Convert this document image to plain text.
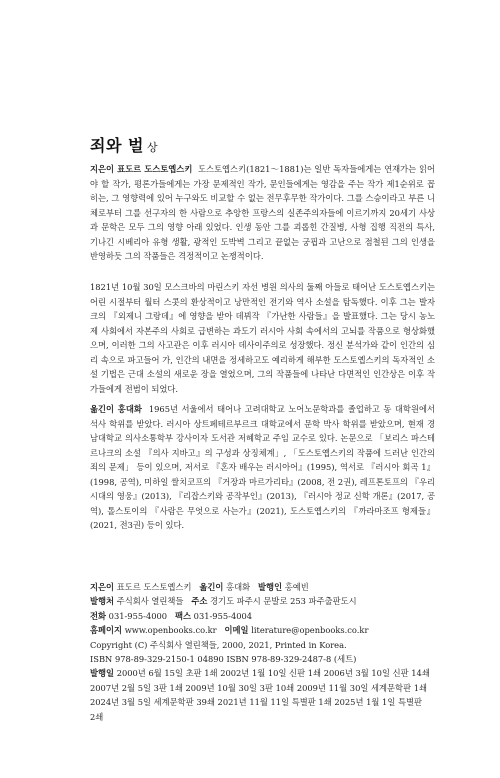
죄와 벌 상

지은이 표도르 도스토옙스키 도스토옙스키(1821～1881)는 일반 독자들에게는 연재가는 읽어야 할 작가, 평론가들에게는 가장 문제적인 작가, 문인들에게는 영감을 주는 작가 제1순위로 꼽히는, 그 영향력에 있어 누구와도 비교할 수 없는 전무후무한 작가이다. 그를 스승이라고 부른 니체로부터 그를 선구자의 한 사람으로 추앙한 프랑스의 실존주의자들에 이르기까지 20세기 사상과 문학은 모두 그의 영향 아래 있었다. 인생 동안 그를 괴롭힌 간질병, 사형 집행 직전의 특사, 기나긴 시베리아 유형 생활, 광적인 도박벽 그리고 끝없는 궁핍과 고난으로 점철된 그의 인생을 반영하듯 그의 작품들은 격정적이고 논쟁적이다.

1821년 10월 30일 모스크바의 마린스키 자선 병원 의사의 둘째 아들로 태어난 도스토옙스키는 어린 시절부터 월터 스콧의 환상적이고 낭만적인 전기와 역사 소설을 탐독했다. 이후 그는 발자크의 『외제니 그랑데』에 영향을 받아 데뷔작 『가난한 사람들』을 발표했다. 그는 당시 농노제 사회에서 자본주의 사회로 급변하는 과도기 러시아 사회 속에서의 고뇌를 작품으로 형상화했으며, 이러한 그의 사고관은 이후 러시아 데사이주의로 성장했다. 정신 분석가와 같이 인간의 심리 속으로 파고들어 가, 인간의 내면을 정세하고도 예리하게 해부한 도스토옙스키의 독자적인 소설 기법은 근대 소설의 새로운 장을 열었으며, 그의 작품들에 나타난 다면적인 인간상은 이후 작가들에게 전범이 되었다.

옮긴이 홍대화 1965년 서울에서 태어나 고려대학교 노어노문학과를 졸업하고 동 대학원에서 석사 학위를 받았다. 러시아 상트페테르부르크 대학교에서 문학 박사 학위를 받았으며, 현재 경남대학교 의사소통학부 강사이자 도서관 저혜학교 주임 교수로 있다. 논문으로 「보리스 파스테르나크의 소설 『의사 지바고』의 구성과 상징체계」, 「도스토옙스키의 작품에 드러난 인간의 죄의 문제」 등이 있으며, 저서로 『혼자 배우는 러시아어』(1995), 역서로 『러시아 회곡 1』(1998, 공역), 미하일 쌀치코프의 『거장과 마르가리타』(2008, 전 2권), 레프톤토프의 『우리 시대의 영웅』(2013), 『리잡스키와 공작부인』(2013), 『러시아 정교 신학 개론』(2017, 공역), 톨스토이의 『사람은 무엇으로 사는가』(2021), 도스토옙스키의 『까라마조프 형제들』(2021, 전3권) 등이 있다.

지은이 표도르 도스토옙스키 옮긴이 홍대화 발행인 홍예빈
발행처 주식회사 열린책들 주소 경기도 파주시 문발로 253 파주출판도시
전화 031-955-4000 팩스 031-955-4004
홈페이지 www.openbooks.co.kr 이메일 literature@openbooks.co.kr
Copyright (C) 주식회사 열린책들, 2000, 2021, Printed in Korea.
ISBN 978-89-329-2150-1 04890 ISBN 978-89-329-2487-8 (세트)
발행일 2000년 6월 15일 초판 1쇄 2002년 1월 10일 신판 1쇄 2006년 3월 10일 신판 14쇄
2007년 2월 5일 3판 1쇄 2009년 10월 30일 3판 10쇄 2009년 11월 30일 세계문학판 1쇄
2024년 3월 5일 세계문학판 39쇄 2021년 11월 11일 특별판 1쇄 2025년 1월 1일 특별판
2쇄
